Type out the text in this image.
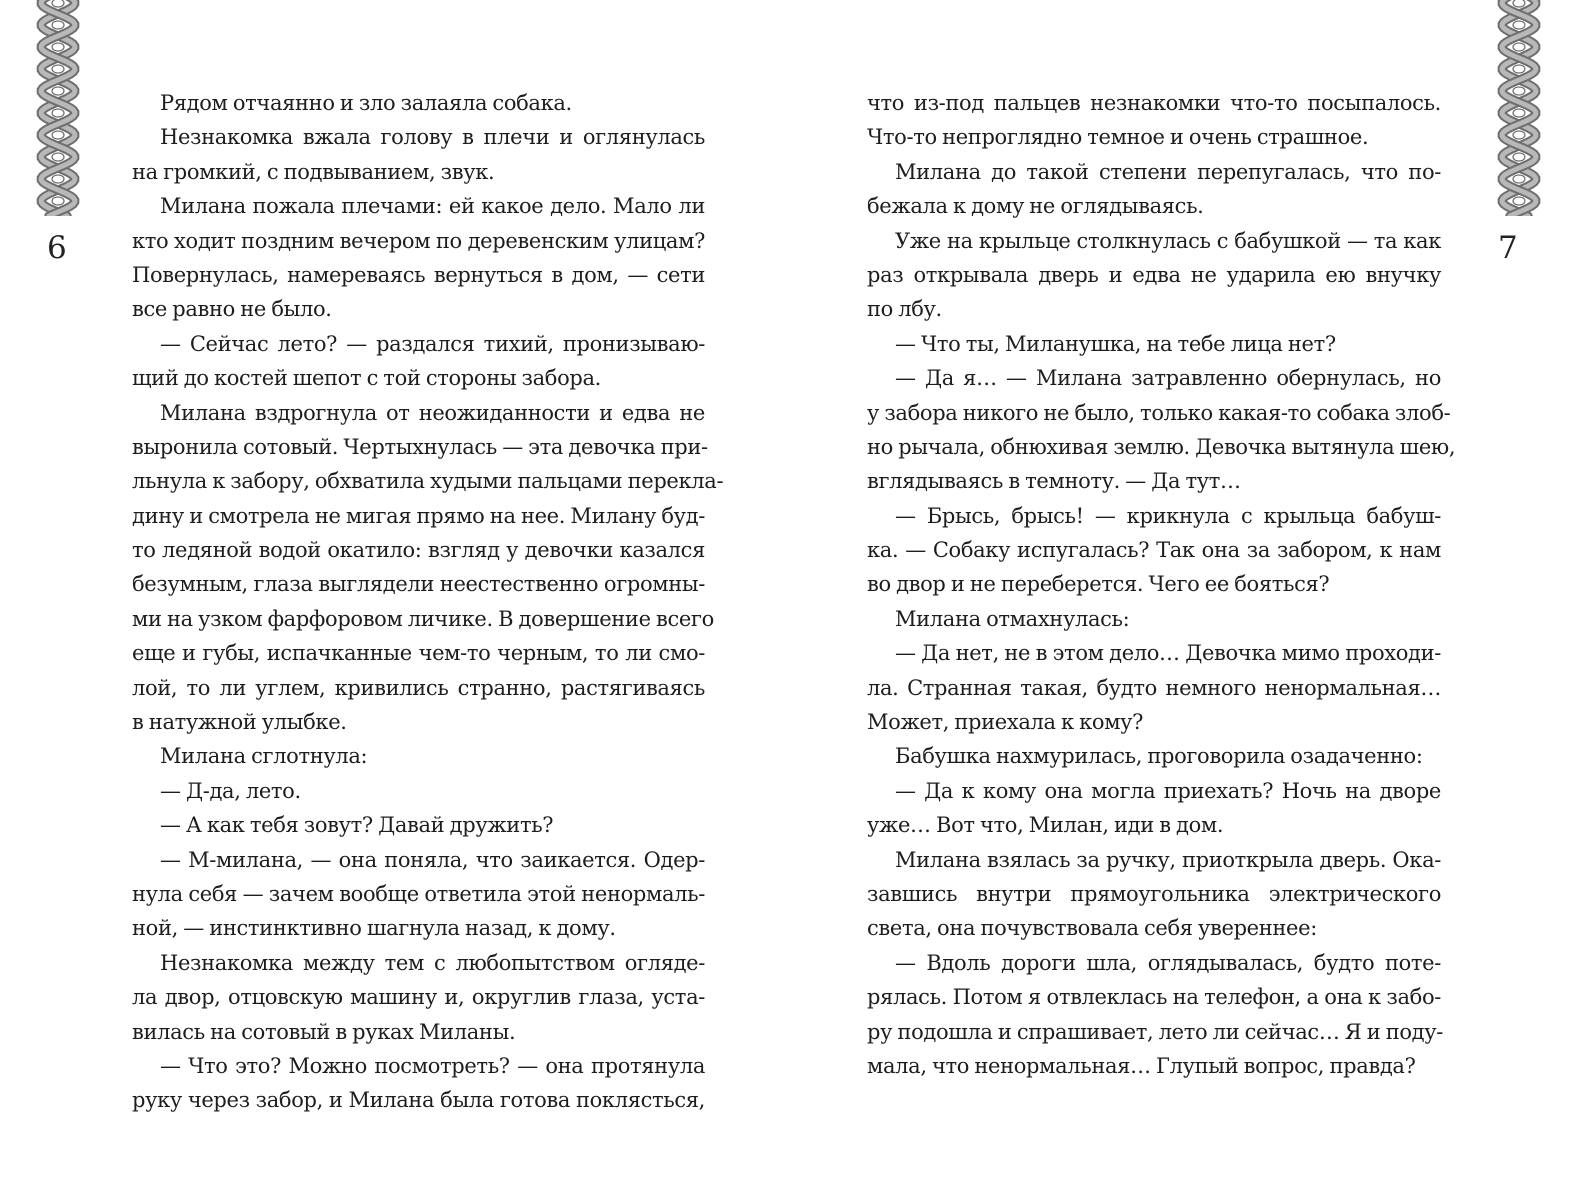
6	7
Рядом отчаянно и зло залаяла собака.
Незнакомка вжала голову в плечи и оглянулась
на громкий, с подвыванием, звук.
Милана пожала плечами: ей какое дело. Мало ли
кто ходит поздним вечером по деревенским улицам?
Повернулась, намереваясь вернуться в дом, — сети
все равно не было.
— Сейчас лето? — раздался тихий, пронизываю-
щий до костей шепот с той стороны забора.
Милана вздрогнула от неожиданности и едва не
выронила сотовый. Чертыхнулась — эта девочка при-
льнула к забору, обхватила худыми пальцами перекла-
дину и смотрела не мигая прямо на нее. Милану буд-
то ледяной водой окатило: взгляд у девочки казался
безумным, глаза выглядели неестественно огромны-
ми на узком фарфоровом личике. В довершение всего
еще и губы, испачканные чем-то черным, то ли смо-
лой, то ли углем, кривились странно, растягиваясь
в натужной улыбке.
Милана сглотнула:
— Д-да, лето.
— А как тебя зовут? Давай дружить?
— М-милана, — она поняла, что заикается. Одер-
нула себя — зачем вообще ответила этой ненормаль-
ной, — инстинктивно шагнула назад, к дому.
Незнакомка между тем с любопытством огляде-
ла двор, отцовскую машину и, округлив глаза, уста-
вилась на сотовый в руках Миланы.
— Что это? Можно посмотреть? — она протянула
руку через забор, и Милана была готова поклясться,
что из-под пальцев незнакомки что-то посыпалось.
Что-то непроглядно темное и очень страшное.
Милана до такой степени перепугалась, что по-
бежала к дому не оглядываясь.
Уже на крыльце столкнулась с бабушкой — та как
раз открывала дверь и едва не ударила ею внучку
по лбу.
— Что ты, Миланушка, на тебе лица нет?
— Да я… — Милана затравленно обернулась, но
у забора никого не было, только какая-то собака злоб-
но рычала, обнюхивая землю. Девочка вытянула шею,
вглядываясь в темноту. — Да тут…
— Брысь, брысь! — крикнула с крыльца бабуш-
ка. — Собаку испугалась? Так она за забором, к нам
во двор и не переберется. Чего ее бояться?
Милана отмахнулась:
— Да нет, не в этом дело… Девочка мимо проходи-
ла. Странная такая, будто немного ненормальная…
Может, приехала к кому?
Бабушка нахмурилась, проговорила озадаченно:
— Да к кому она могла приехать? Ночь на дворе
уже… Вот что, Милан, иди в дом.
Милана взялась за ручку, приоткрыла дверь. Ока-
завшись внутри прямоугольника электрического
света, она почувствовала себя увереннее:
— Вдоль дороги шла, оглядывалась, будто поте-
рялась. Потом я отвлеклась на телефон, а она к забо-
ру подошла и спрашивает, лето ли сейчас… Я и поду-
мала, что ненормальная… Глупый вопрос, правда?
